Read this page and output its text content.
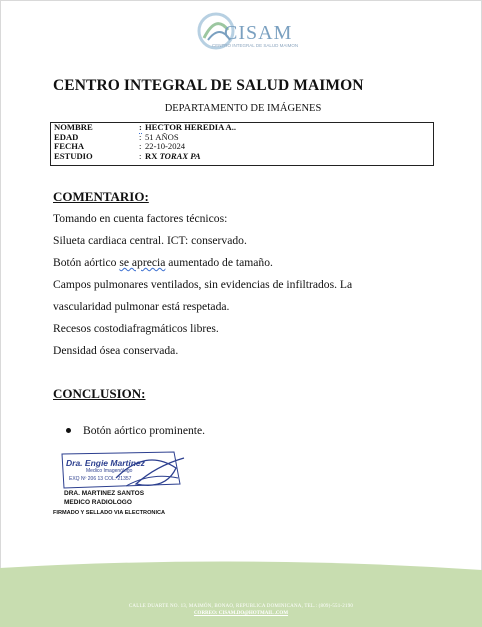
CISAM
CENTRO INTEGRAL DE SALUD MAIMON
CENTRO INTEGRAL DE SALUD MAIMON
DEPARTAMENTO DE IMÁGENES
NOMBRE	: HECTOR HEREDIA A..
EDAD	: 51 AÑOS
FECHA	: 22-10-2024
ESTUDIO	: RX TORAX PA
COMENTARIO:
Tomando en cuenta factores técnicos:
Silueta cardiaca central. ICT: conservado.
Botón aórtico se aprecia aumentado de tamaño.
Campos pulmonares ventilados, sin evidencias de infiltrados. La
vascularidad pulmonar está respetada.
Recesos costodiafragmáticos libres.
Densidad ósea conservada.
CONCLUSION:
Botón aórtico prominente.
Dra. Engie Martinez
Medico Imagenólogo
EXQ Nº 206 13 COL. 21357
DRA. MARTINEZ SANTOS
MEDICO RADIOLOGO
FIRMADO Y SELLADO VIA ELECTRONICA
CALLE DUARTE NO. 13, MAIMÓN, BONAO, REPUBLICA DOMINICANA, TEL.: (809)-551-2190
CORREO: CISAM.DO@HOTMAIL .COM
